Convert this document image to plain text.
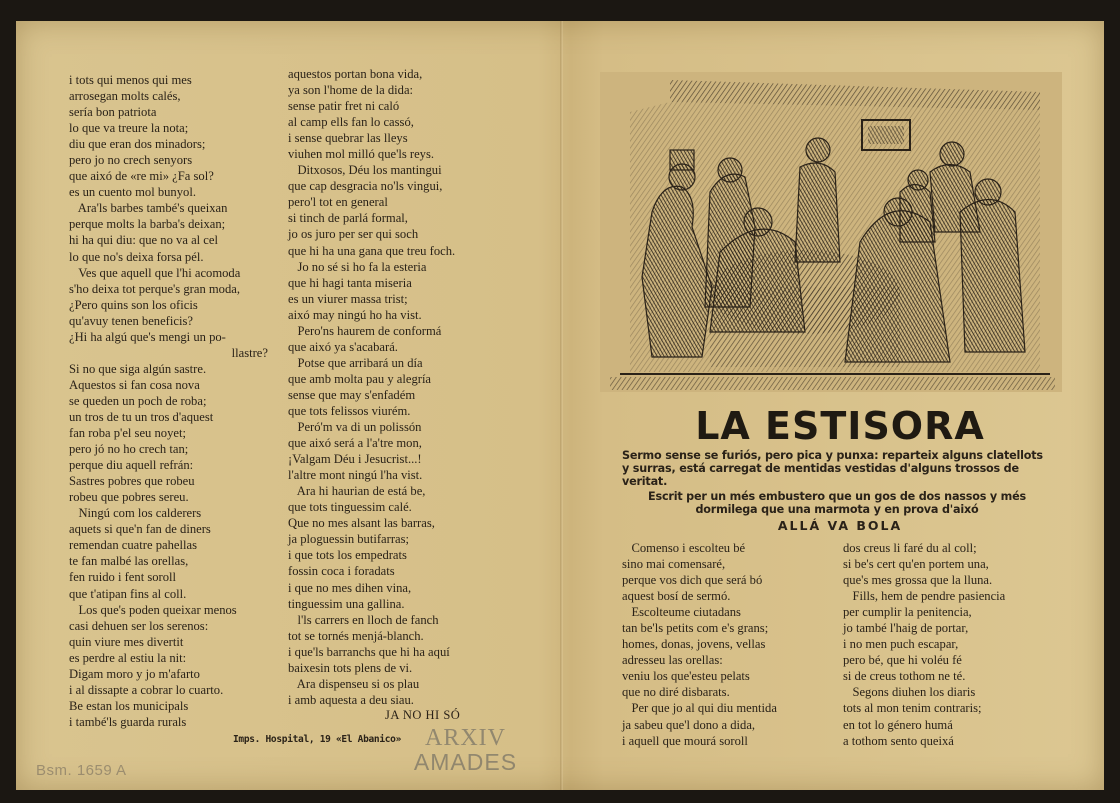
i tots qui menos qui mes
arrosegan molts calés,
sería bon patriota
lo que va treure la nota;
diu que eran dos minadors;
pero jo no crech senyors
que aixó de «re mi» ¿Fa sol?
es un cuento mol bunyol.
Ara'ls barbes també's queixan
perque molts la barba's deixan;
hi ha qui diu: que no va al cel
lo que no's deixa forsa pél.
Ves que aquell que l'hi acomoda
s'ho deixa tot perque's gran moda,
¿Pero quins son los oficis
qu'avuy tenen beneficis?
¿Hi ha algú que's mengi un po-
llastre?
Si no que siga algún sastre.
Aquestos si fan cosa nova
se queden un poch de roba;
un tros de tu un tros d'aquest
fan roba p'el seu noyet;
pero jó no ho crech tan;
perque diu aquell refrán:
Sastres pobres que robeu
robeu que pobres sereu.
Ningú com los calderers
aquets si que'n fan de diners
remendan cuatre pahellas
te fan malbé las orellas,
fen ruido i fent soroll
que t'atipan fins al coll.
Los que's poden queixar menos
casi dehuen ser los serenos:
quin viure mes divertit
es perdre al estiu la nit:
Digam moro y jo m'afarto
i al dissapte a cobrar lo cuarto.
Be estan los municipals
i també'ls guarda rurals
aquestos portan bona vida,
ya son l'home de la dida:
sense patir fret ni caló
al camp ells fan lo cassó,
i sense quebrar las lleys
viuhen mol milló que'ls reys.
Ditxosos, Déu los mantingui
que cap desgracia no'ls vingui,
pero'l tot en general
si tinch de parlá formal,
jo os juro per ser qui soch
que hi ha una gana que treu foch.
Jo no sé si ho fa la esteria
que hi hagi tanta miseria
es un viurer massa trist;
aixó may ningú ho ha vist.
Pero'ns haurem de conformá
que aixó ya s'acabará.
Potse que arribará un día
que amb molta pau y alegría
sense que may s'enfadém
que tots felissos viurém.
Peró'm va di un polissón
que aixó será a l'a'tre mon,
¡Valgam Déu i Jesucrist...!
l'altre mont ningú l'ha vist.
Ara hi haurian de está be,
que tots tinguessim calé.
Que no mes alsant las barras,
ja ploguessin butifarras;
i que tots los empedrats
fossin coca i foradats
i que no mes dihen vina,
tinguessim una gallina.
l'ls carrers en lloch de fanch
tot se tornés menjá-blanch.
i que'ls barranchs que hi ha aquí
baixesin tots plens de vi.
Ara dispenseu si os plau
i amb aquesta a deu siau.
JA NO HI SÓ
Imps. Hospital, 19 «El Abanico» ARXIV
AMADES
Bsm. 1659 A
LA ESTISORA
Sermo sense se furiós, pero pica y punxa: reparteix alguns clatellots y surras, está carregat de mentidas vestidas d'alguns trossos de veritat.
Escrit per un més embustero que un gos de dos nassos y més dormilega que una marmota y en prova d'aixó
ALLÁ VA BOLA
Comenso i escolteu bé
sino mai comensaré,
perque vos dich que será bó
aquest bosí de sermó.
Escolteume ciutadans
tan be'ls petits com e's grans;
homes, donas, jovens, vellas
adresseu las orellas:
veniu los que'esteu pelats
que no diré disbarats.
Per que jo al qui diu mentida
ja sabeu que'l dono a dida,
i aquell que mourá soroll
dos creus li faré du al coll;
si be's cert qu'en portem una,
que's mes grossa que la lluna.
Fills, hem de pendre pasiencia
per cumplir la penitencia,
jo també l'haig de portar,
i no men puch escapar,
pero bé, que hi voléu fé
si de creus tothom ne té.
Segons diuhen los diaris
tots al mon tenim contraris;
en tot lo género humá
a tothom sento queixá
